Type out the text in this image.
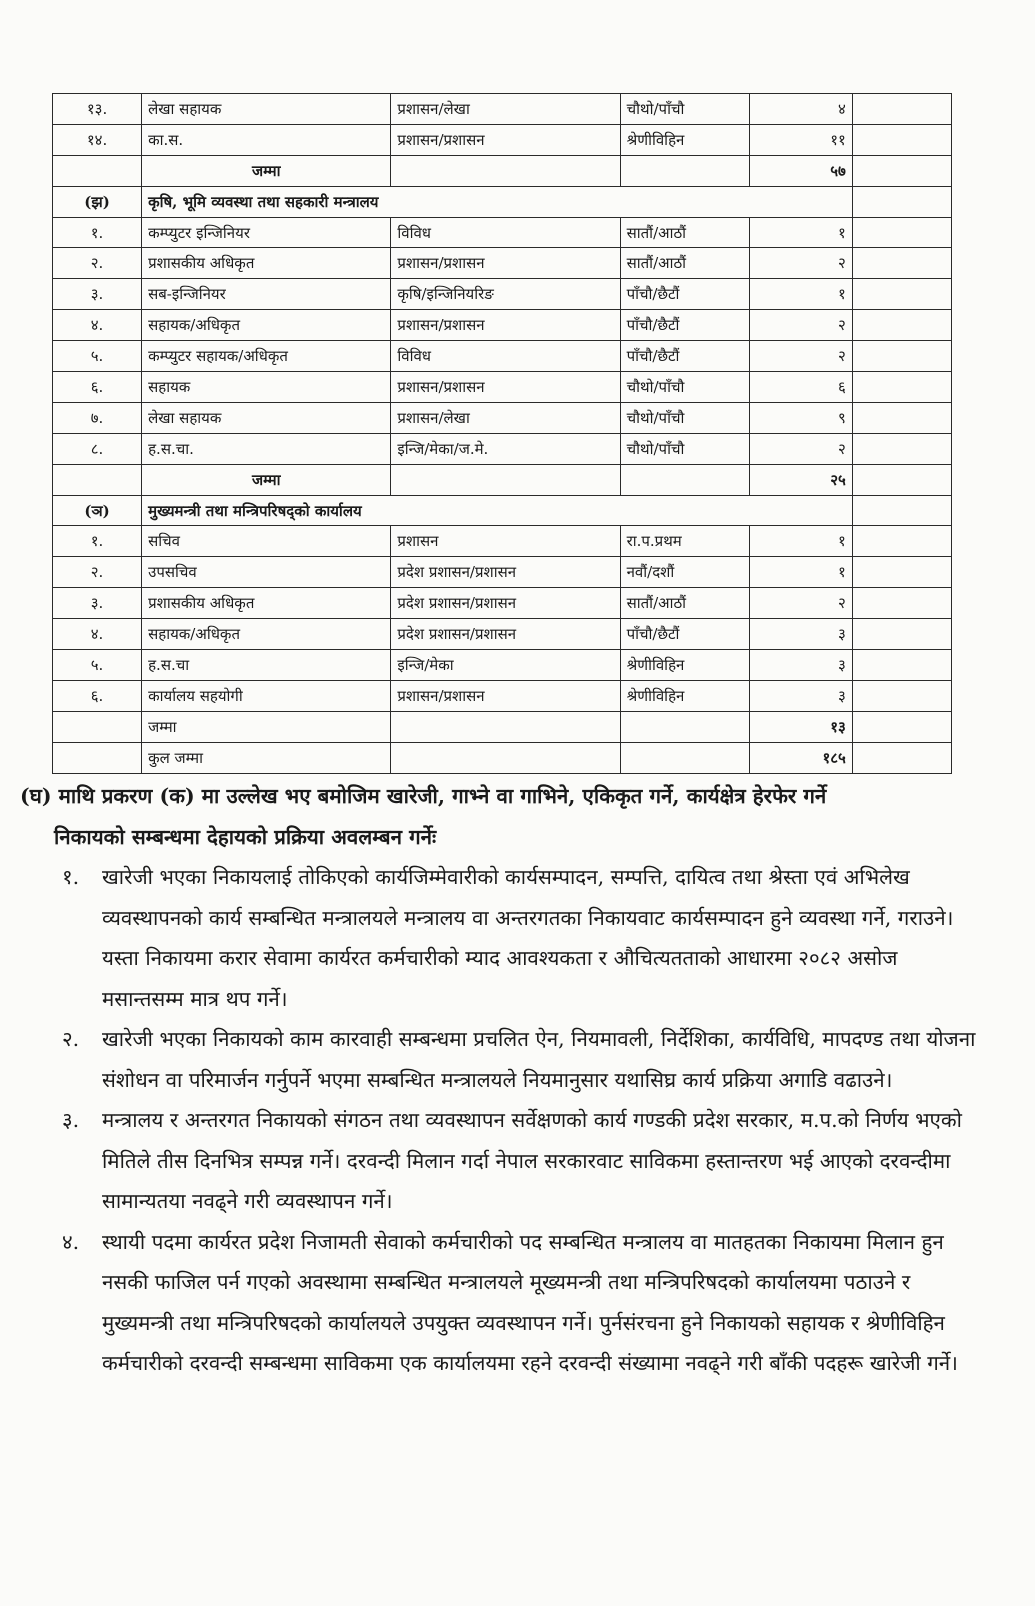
१३.	लेखा सहायक	प्रशासन/लेखा	चौथो/पाँचौ	४	
१४.	का.स.	प्रशासन/प्रशासन	श्रेणीविहिन	११	
	जम्मा			५७	
(झ)	कृषि, भूमि व्यवस्था तथा सहकारी मन्त्रालय				
१.	कम्प्युटर इन्जिनियर	विविध	सातौं/आठौं	१	
२.	प्रशासकीय अधिकृत	प्रशासन/प्रशासन	सातौं/आठौं	२	
३.	सब-इन्जिनियर	कृषि/इन्जिनियरिङ	पाँचौ/छैटौं	१	
४.	सहायक/अधिकृत	प्रशासन/प्रशासन	पाँचौ/छैटौं	२	
५.	कम्प्युटर सहायक/अधिकृत	विविध	पाँचौ/छैटौं	२	
६.	सहायक	प्रशासन/प्रशासन	चौथो/पाँचौ	६	
७.	लेखा सहायक	प्रशासन/लेखा	चौथो/पाँचौ	९	
८.	ह.स.चा.	इन्जि/मेका/ज.मे.	चौथो/पाँचौ	२	
	जम्मा			२५	
(ञ)	मुख्यमन्त्री तथा मन्त्रिपरिषद्को कार्यालय				
१.	सचिव	प्रशासन	रा.प.प्रथम	१	
२.	उपसचिव	प्रदेश प्रशासन/प्रशासन	नवौं/दशौं	१	
३.	प्रशासकीय अधिकृत	प्रदेश प्रशासन/प्रशासन	सातौं/आठौं	२	
४.	सहायक/अधिकृत	प्रदेश प्रशासन/प्रशासन	पाँचौ/छैटौं	३	
५.	ह.स.चा	इन्जि/मेका	श्रेणीविहिन	३	
६.	कार्यालय सहयोगी	प्रशासन/प्रशासन	श्रेणीविहिन	३	
	जम्मा			१३	
	कुल जम्मा			१८५	

(घ) माथि प्रकरण (क) मा उल्लेख भए बमोजिम खारेजी, गाभ्ने वा गाभिने, एकिकृत गर्ने, कार्यक्षेत्र हेरफेर गर्ने
निकायको सम्बन्धमा देहायको प्रक्रिया अवलम्बन गर्नेः

१. खारेजी भएका निकायलाई तोकिएको कार्यजिम्मेवारीको कार्यसम्पादन, सम्पत्ति, दायित्व तथा श्रेस्ता एवं अभिलेख व्यवस्थापनको कार्य सम्बन्धित मन्त्रालयले मन्त्रालय वा अन्तरगतका निकायवाट कार्यसम्पादन हुने व्यवस्था गर्ने, गराउने। यस्ता निकायमा करार सेवामा कार्यरत कर्मचारीको म्याद आवश्यकता र औचित्यतताको आधारमा २०८२ असोज मसान्तसम्म मात्र थप गर्ने।
२. खारेजी भएका निकायको काम कारवाही सम्बन्धमा प्रचलित ऐन, नियमावली, निर्देशिका, कार्यविधि, मापदण्ड तथा योजना संशोधन वा परिमार्जन गर्नुपर्ने भएमा सम्बन्धित मन्त्रालयले नियमानुसार यथासिघ्र कार्य प्रक्रिया अगाडि वढाउने।
३. मन्त्रालय र अन्तरगत निकायको संगठन तथा व्यवस्थापन सर्वेक्षणको कार्य गण्डकी प्रदेश सरकार, म.प.को निर्णय भएको मितिले तीस दिनभित्र सम्पन्न गर्ने। दरवन्दी मिलान गर्दा नेपाल सरकारवाट साविकमा हस्तान्तरण भई आएको दरवन्दीमा सामान्यतया नवढ्ने गरी व्यवस्थापन गर्ने।
४. स्थायी पदमा कार्यरत प्रदेश निजामती सेवाको कर्मचारीको पद सम्बन्धित मन्त्रालय वा मातहतका निकायमा मिलान हुन नसकी फाजिल पर्न गएको अवस्थामा सम्बन्धित मन्त्रालयले मूख्यमन्त्री तथा मन्त्रिपरिषदको कार्यालयमा पठाउने र मुख्यमन्त्री तथा मन्त्रिपरिषदको कार्यालयले उपयुक्त व्यवस्थापन गर्ने। पुर्नसंरचना हुने निकायको सहायक र श्रेणीविहिन कर्मचारीको दरवन्दी सम्बन्धमा साविकमा एक कार्यालयमा रहने दरवन्दी संख्यामा नवढ्ने गरी बाँकी पदहरू खारेजी गर्ने।
